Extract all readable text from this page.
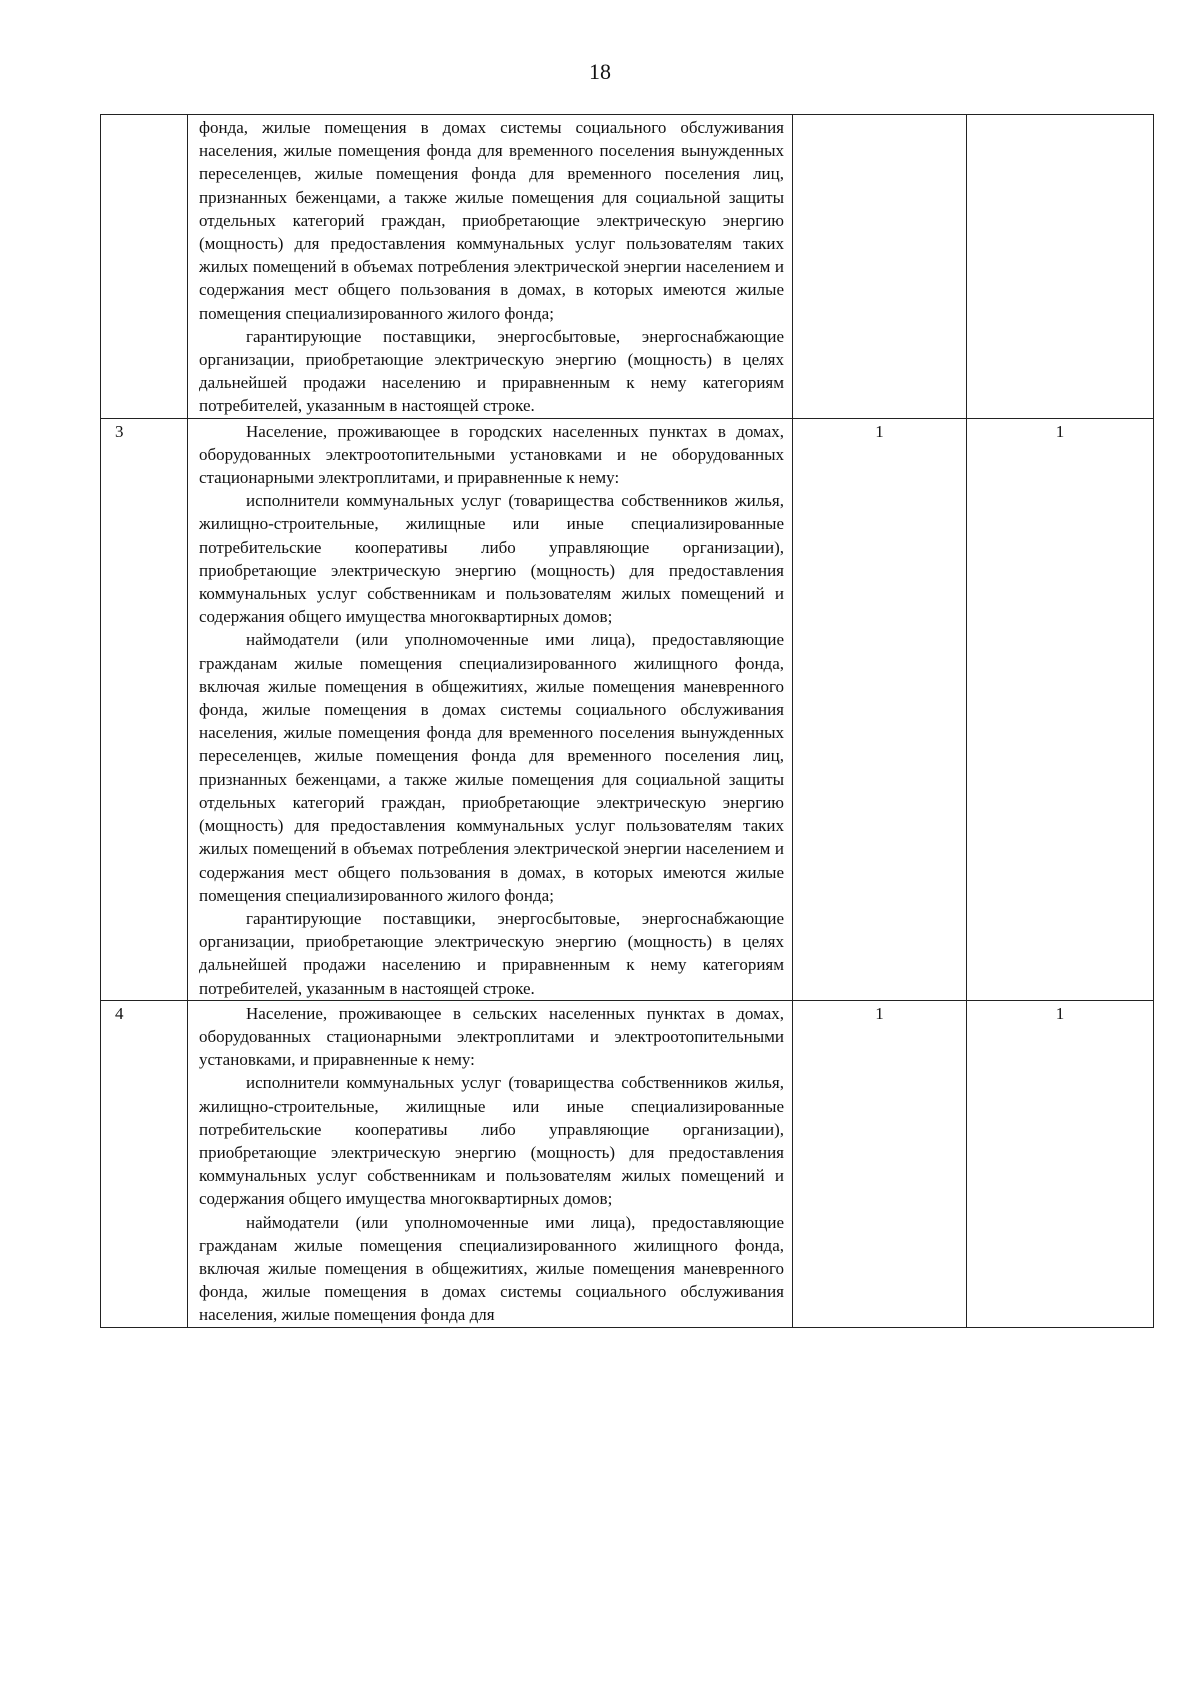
18

	фонда, жилые помещения в домах системы социального обслуживания населения, жилые помещения фонда для временного поселения вынужденных переселенцев, жилые помещения фонда для временного поселения лиц, признанных беженцами, а также жилые помещения для социальной защиты отдельных категорий граждан, приобретающие электрическую энергию (мощность) для предоставления коммунальных услуг пользователям таких жилых помещений в объемах потребления электрической энергии населением и содержания мест общего пользования в домах, в которых имеются жилые помещения специализированного жилого фонда;

гарантирующие поставщики, энергосбытовые, энергоснабжающие организации, приобретающие электрическую энергию (мощность) в целях дальнейшей продажи населению и приравненным к нему категориям потребителей, указанным в настоящей строке.		

3	Население, проживающее в городских населенных пунктах в домах, оборудованных электроотопительными установками и не оборудованных стационарными электроплитами, и приравненные к нему:

исполнители коммунальных услуг (товарищества собственников жилья, жилищно-строительные, жилищные или иные специализированные потребительские кооперативы либо управляющие организации), приобретающие электрическую энергию (мощность) для предоставления коммунальных услуг собственникам и пользователям жилых помещений и содержания общего имущества многоквартирных домов;

наймодатели (или уполномоченные ими лица), предоставляющие гражданам жилые помещения специализированного жилищного фонда, включая жилые помещения в общежитиях, жилые помещения маневренного фонда, жилые помещения в домах системы социального обслуживания населения, жилые помещения фонда для временного поселения вынужденных переселенцев, жилые помещения фонда для временного поселения лиц, признанных беженцами, а также жилые помещения для социальной защиты отдельных категорий граждан, приобретающие электрическую энергию (мощность) для предоставления коммунальных услуг пользователям таких жилых помещений в объемах потребления электрической энергии населением и содержания мест общего пользования в домах, в которых имеются жилые помещения специализированного жилого фонда;

гарантирующие поставщики, энергосбытовые, энергоснабжающие организации, приобретающие электрическую энергию (мощность) в целях дальнейшей продажи населению и приравненным к нему категориям потребителей, указанным в настоящей строке.	1	1
4	Население, проживающее в сельских населенных пунктах в домах, оборудованных стационарными электроплитами и электроотопительными установками, и приравненные к нему:

исполнители коммунальных услуг (товарищества собственников жилья, жилищно-строительные, жилищные или иные специализированные потребительские кооперативы либо управляющие организации), приобретающие электрическую энергию (мощность) для предоставления коммунальных услуг собственникам и пользователям жилых помещений и содержания общего имущества многоквартирных домов;

наймодатели (или уполномоченные ими лица), предоставляющие гражданам жилые помещения специализированного жилищного фонда, включая жилые помещения в общежитиях, жилые помещения маневренного фонда, жилые помещения в домах системы социального обслуживания населения, жилые помещения фонда для	1	1
